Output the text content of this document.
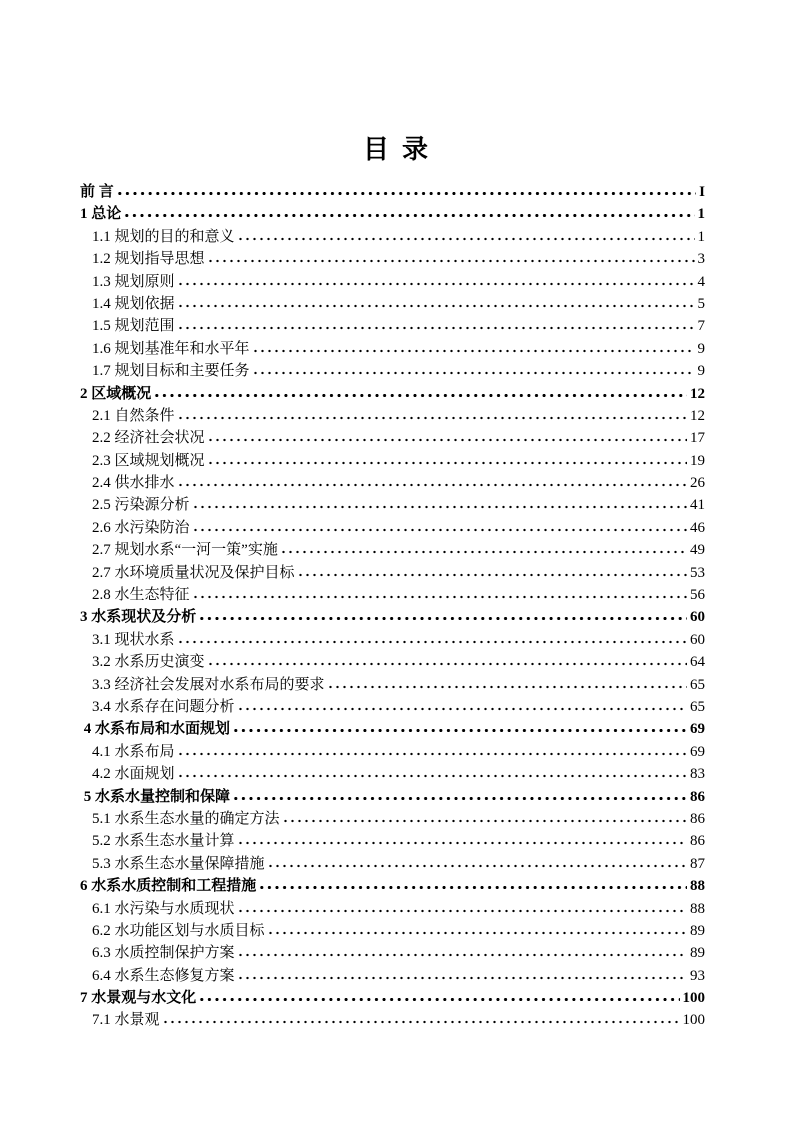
目 录
前 言	I
1 总论	1
1.1 规划的目的和意义	1
1.2 规划指导思想	3
1.3 规划原则	4
1.4 规划依据	5
1.5 规划范围	7
1.6 规划基准年和水平年	9
1.7 规划目标和主要任务	9
2 区域概况	12
2.1 自然条件	12
2.2 经济社会状况	17
2.3 区域规划概况	19
2.4 供水排水	26
2.5 污染源分析	41
2.6 水污染防治	46
2.7 规划水系“一河一策”实施	49
2.7 水环境质量状况及保护目标	53
2.8 水生态特征	56
3 水系现状及分析	60
3.1 现状水系	60
3.2 水系历史演变	64
3.3 经济社会发展对水系布局的要求	65
3.4 水系存在问题分析	65
4 水系布局和水面规划	69
4.1 水系布局	69
4.2 水面规划	83
5 水系水量控制和保障	86
5.1 水系生态水量的确定方法	86
5.2 水系生态水量计算	86
5.3 水系生态水量保障措施	87
6 水系水质控制和工程措施	88
6.1 水污染与水质现状	88
6.2 水功能区划与水质目标	89
6.3 水质控制保护方案	89
6.4 水系生态修复方案	93
7 水景观与水文化	100
7.1 水景观	100
